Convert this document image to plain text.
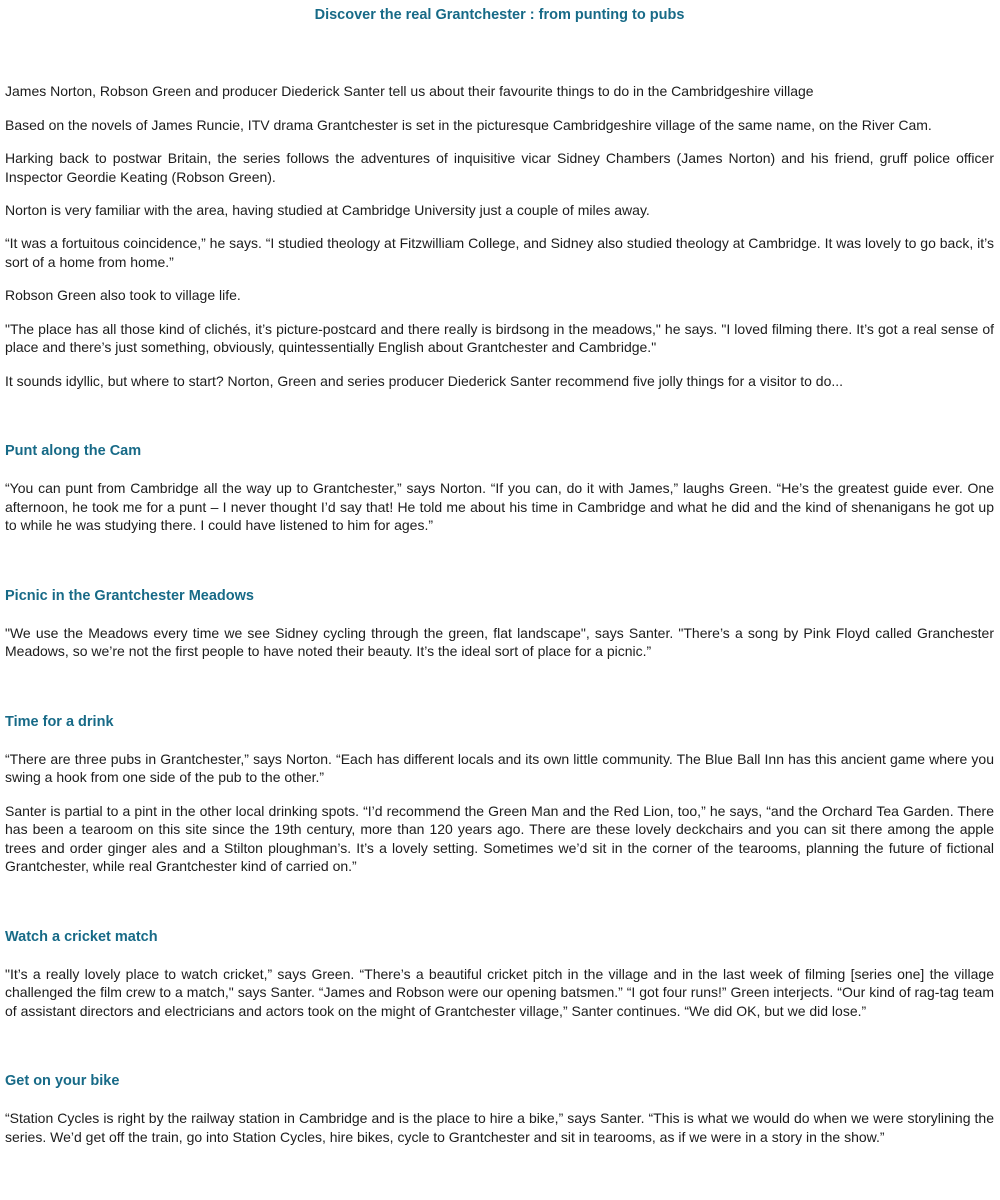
Discover the real Grantchester : from punting to pubs

James Norton, Robson Green and producer Diederick Santer tell us about their favourite things to do in the Cambridgeshire village

Based on the novels of James Runcie, ITV drama Grantchester is set in the picturesque Cambridgeshire village of the same name, on the River Cam.

Harking back to postwar Britain, the series follows the adventures of inquisitive vicar Sidney Chambers (James Norton) and his friend, gruff police officer Inspector Geordie Keating (Robson Green).

Norton is very familiar with the area, having studied at Cambridge University just a couple of miles away.

“It was a fortuitous coincidence,” he says. “I studied theology at Fitzwilliam College, and Sidney also studied theology at Cambridge. It was lovely to go back, it’s sort of a home from home.”

Robson Green also took to village life.

"The place has all those kind of clichés, it’s picture-postcard and there really is birdsong in the meadows," he says. "I loved filming there. It’s got a real sense of place and there’s just something, obviously, quintessentially English about Grantchester and Cambridge."

It sounds idyllic, but where to start? Norton, Green and series producer Diederick Santer recommend five jolly things for a visitor to do...

Punt along the Cam

“You can punt from Cambridge all the way up to Grantchester,” says Norton. “If you can, do it with James,” laughs Green. “He’s the greatest guide ever. One afternoon, he took me for a punt – I never thought I’d say that! He told me about his time in Cambridge and what he did and the kind of shenanigans he got up to while he was studying there. I could have listened to him for ages.”

Picnic in the Grantchester Meadows

"We use the Meadows every time we see Sidney cycling through the green, flat landscape", says Santer. "There’s a song by Pink Floyd called Granchester Meadows, so we’re not the first people to have noted their beauty. It’s the ideal sort of place for a picnic.”

Time for a drink

“There are three pubs in Grantchester,” says Norton. “Each has different locals and its own little community. The Blue Ball Inn has this ancient game where you swing a hook from one side of the pub to the other.”

Santer is partial to a pint in the other local drinking spots. “I’d recommend the Green Man and the Red Lion, too,” he says, “and the Orchard Tea Garden. There has been a tearoom on this site since the 19th century, more than 120 years ago. There are these lovely deckchairs and you can sit there among the apple trees and order ginger ales and a Stilton ploughman’s. It’s a lovely setting. Sometimes we’d sit in the corner of the tearooms, planning the future of fictional Grantchester, while real Grantchester kind of carried on.”

Watch a cricket match

"It’s a really lovely place to watch cricket,” says Green. “There’s a beautiful cricket pitch in the village and in the last week of filming [series one] the village challenged the film crew to a match," says Santer. “James and Robson were our opening batsmen.” “I got four runs!” Green interjects. “Our kind of rag-tag team of assistant directors and electricians and actors took on the might of Grantchester village,” Santer continues. “We did OK, but we did lose.”

Get on your bike

“Station Cycles is right by the railway station in Cambridge and is the place to hire a bike,” says Santer. “This is what we would do when we were storylining the series. We’d get off the train, go into Station Cycles, hire bikes, cycle to Grantchester and sit in tearooms, as if we were in a story in the show.”
